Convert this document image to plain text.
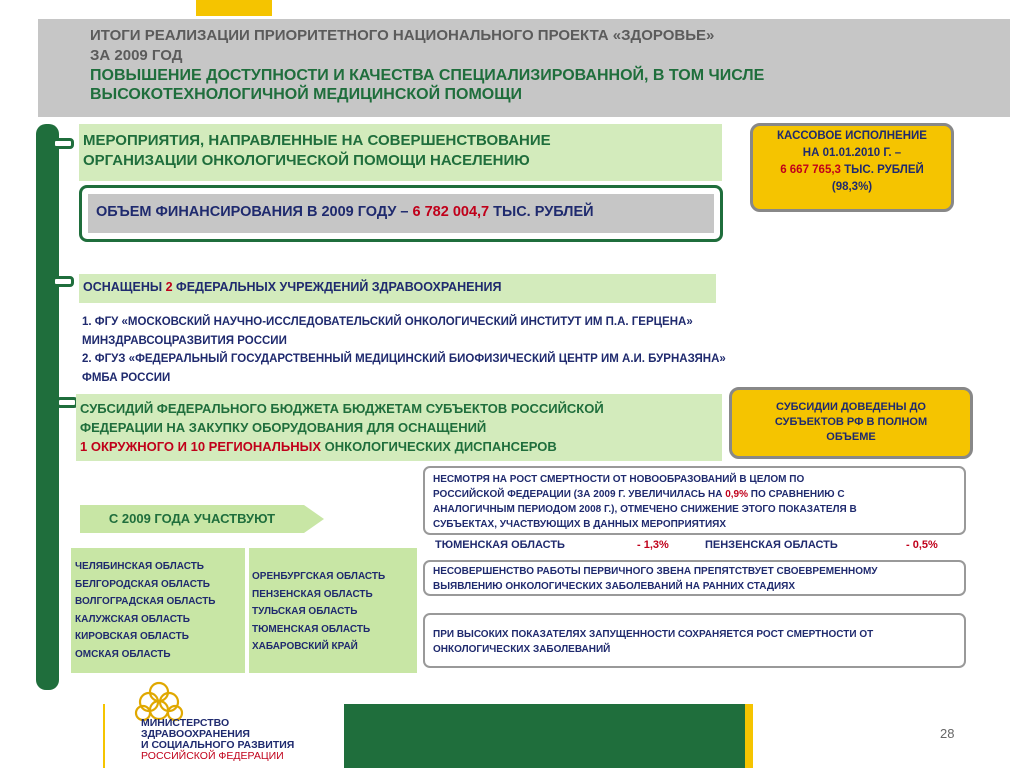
ИТОГИ РЕАЛИЗАЦИИ ПРИОРИТЕТНОГО НАЦИОНАЛЬНОГО ПРОЕКТА «ЗДОРОВЬЕ»
ЗА 2009 ГОД
ПОВЫШЕНИЕ ДОСТУПНОСТИ И КАЧЕСТВА СПЕЦИАЛИЗИРОВАННОЙ, В ТОМ ЧИСЛЕ
ВЫСОКОТЕХНОЛОГИЧНОЙ МЕДИЦИНСКОЙ ПОМОЩИ
МЕРОПРИЯТИЯ, НАПРАВЛЕННЫЕ НА СОВЕРШЕНСТВОВАНИЕ
ОРГАНИЗАЦИИ ОНКОЛОГИЧЕСКОЙ ПОМОЩИ НАСЕЛЕНИЮ
ОБЪЕМ ФИНАНСИРОВАНИЯ В 2009 ГОДУ – 6 782 004,7 ТЫС. РУБЛЕЙ
КАССОВОЕ ИСПОЛНЕНИЕ
НА 01.01.2010 Г. –
6 667 765,3 ТЫС. РУБЛЕЙ
(98,3%)
ОСНАЩЕНЫ 2 ФЕДЕРАЛЬНЫХ УЧРЕЖДЕНИЙ ЗДРАВООХРАНЕНИЯ
1. ФГУ «МОСКОВСКИЙ НАУЧНО-ИССЛЕДОВАТЕЛЬСКИЙ ОНКОЛОГИЧЕСКИЙ ИНСТИТУТ ИМ П.А. ГЕРЦЕНА»
МИНЗДРАВСОЦРАЗВИТИЯ РОССИИ
2. ФГУЗ «ФЕДЕРАЛЬНЫЙ ГОСУДАРСТВЕННЫЙ МЕДИЦИНСКИЙ БИОФИЗИЧЕСКИЙ ЦЕНТР ИМ А.И. БУРНАЗЯНА»
ФМБА РОССИИ
СУБСИДИЙ ФЕДЕРАЛЬНОГО БЮДЖЕТА БЮДЖЕТАМ СУБЪЕКТОВ РОССИЙСКОЙ
ФЕДЕРАЦИИ НА ЗАКУПКУ ОБОРУДОВАНИЯ ДЛЯ ОСНАЩЕНИЙ
1 ОКРУЖНОГО И 10 РЕГИОНАЛЬНЫХ ОНКОЛОГИЧЕСКИХ ДИСПАНСЕРОВ
СУБСИДИИ ДОВЕДЕНЫ ДО
СУБЪЕКТОВ РФ В ПОЛНОМ
ОБЪЕМЕ
С 2009 ГОДА УЧАСТВУЮТ
ЧЕЛЯБИНСКАЯ ОБЛАСТЬ
БЕЛГОРОДСКАЯ ОБЛАСТЬ
ВОЛГОГРАДСКАЯ ОБЛАСТЬ
КАЛУЖСКАЯ ОБЛАСТЬ
КИРОВСКАЯ ОБЛАСТЬ
ОМСКАЯ ОБЛАСТЬ
ОРЕНБУРГСКАЯ ОБЛАСТЬ
ПЕНЗЕНСКАЯ ОБЛАСТЬ
ТУЛЬСКАЯ ОБЛАСТЬ
ТЮМЕНСКАЯ ОБЛАСТЬ
ХАБАРОВСКИЙ КРАЙ
НЕСМОТРЯ НА РОСТ СМЕРТНОСТИ ОТ НОВООБРАЗОВАНИЙ В ЦЕЛОМ ПО
РОССИЙСКОЙ ФЕДЕРАЦИИ (ЗА 2009 Г. УВЕЛИЧИЛАСЬ НА 0,9% ПО СРАВНЕНИЮ С
АНАЛОГИЧНЫМ ПЕРИОДОМ 2008 Г.), ОТМЕЧЕНО СНИЖЕНИЕ ЭТОГО ПОКАЗАТЕЛЯ В
СУБЪЕКТАХ, УЧАСТВУЮЩИХ В ДАННЫХ МЕРОПРИЯТИЯХ
ТЮМЕНСКАЯ ОБЛАСТЬ	- 1,3%	ПЕНЗЕНСКАЯ ОБЛАСТЬ	- 0,5%
НЕСОВЕРШЕНСТВО РАБОТЫ ПЕРВИЧНОГО ЗВЕНА ПРЕПЯТСТВУЕТ СВОЕВРЕМЕННОМУ
ВЫЯВЛЕНИЮ ОНКОЛОГИЧЕСКИХ ЗАБОЛЕВАНИЙ НА РАННИХ СТАДИЯХ
ПРИ ВЫСОКИХ ПОКАЗАТЕЛЯХ ЗАПУЩЕННОСТИ СОХРАНЯЕТСЯ РОСТ СМЕРТНОСТИ ОТ
ОНКОЛОГИЧЕСКИХ ЗАБОЛЕВАНИЙ
МИНИСТЕРСТВО
ЗДРАВООХРАНЕНИЯ
И СОЦИАЛЬНОГО РАЗВИТИЯ
РОССИЙСКОЙ ФЕДЕРАЦИИ
28
